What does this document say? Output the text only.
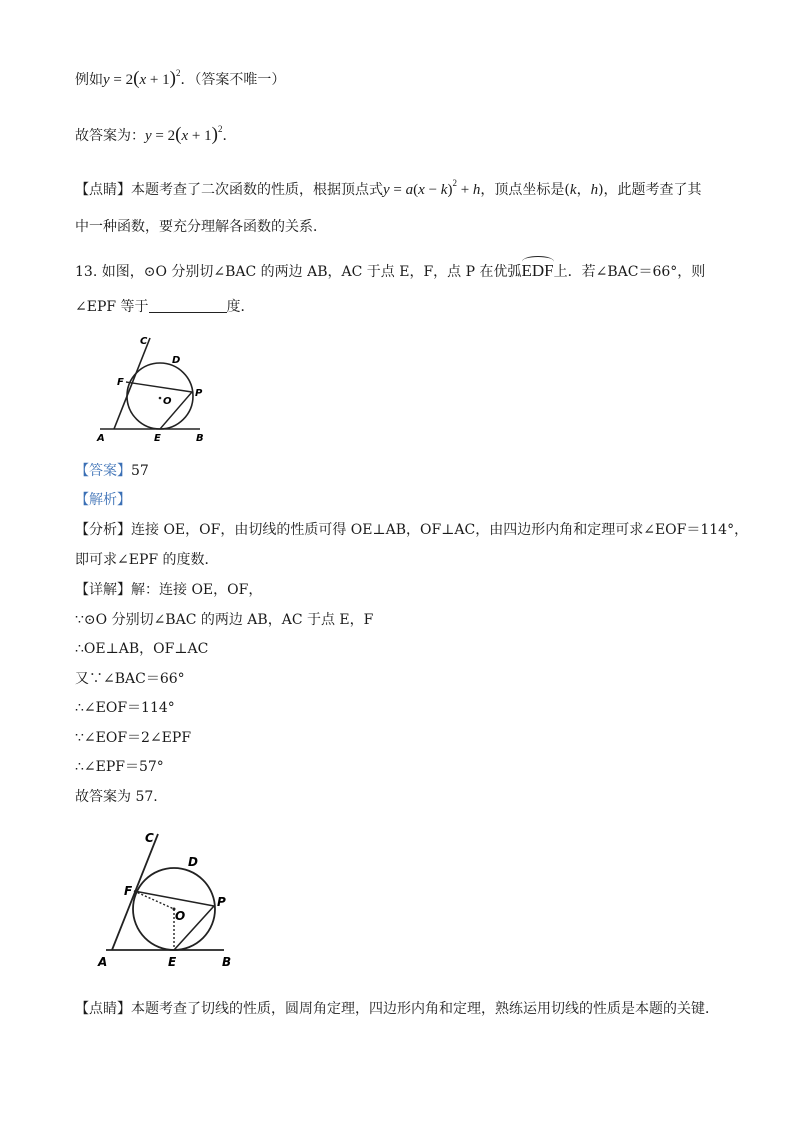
例如$y = 2(x + 1)^2$．（答案不唯一）
故答案为：$y = 2(x + 1)^2$．
【点睛】本题考查了二次函数的性质，根据顶点式$y = a(x - k)^2 + h$，顶点坐标是(k，h)，此题考查了其
中一种函数，要充分理解各函数的关系．
13. 如图，⊙O 分别切∠BAC 的两边 AB，AC 于点 E，F，点 P 在优弧EDF上．若∠BAC＝66°，则
∠EPF 等于	度．
C
D
F
P
O
A	E	B
【答案】57
【解析】
【分析】连接 OE，OF，由切线的性质可得 OE⊥AB，OF⊥AC，由四边形内角和定理可求∠EOF＝114°，
即可求∠EPF 的度数．
【详解】解：连接 OE，OF，
∵⊙O 分别切∠BAC 的两边 AB，AC 于点 E，F
∴OE⊥AB，OF⊥AC
又∵∠BAC＝66°
∴∠EOF＝114°
∵∠EOF＝2∠EPF
∴∠EPF＝57°
故答案为 57.
C
D
F
P
O
A	E	B
【点睛】本题考查了切线的性质，圆周角定理，四边形内角和定理，熟练运用切线的性质是本题的关键．
